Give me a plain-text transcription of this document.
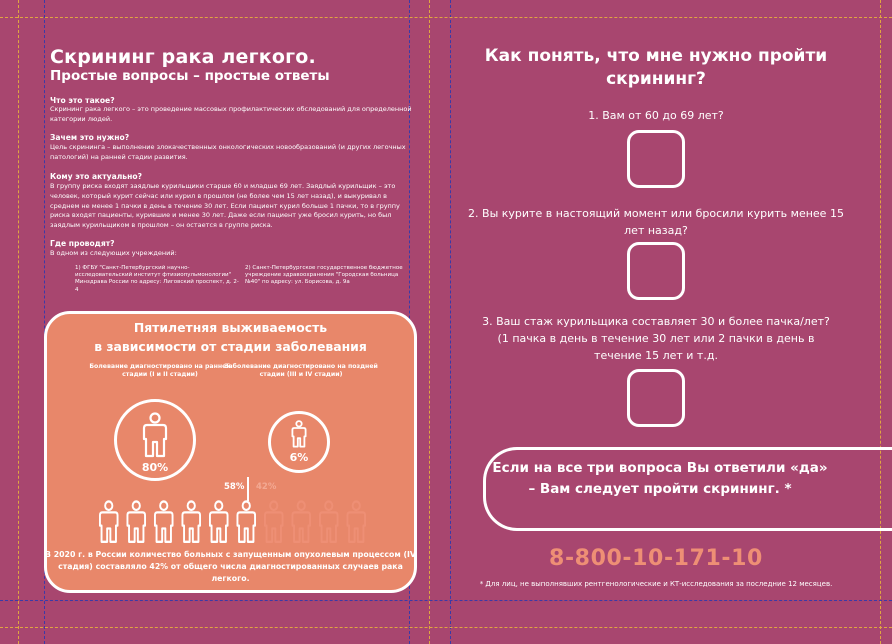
Скрининг рака легкого.
Простые вопросы – простые ответы
Что это такое?
Скрининг рака легкого – это проведение массовых профилактических обследований для определенной категории людей.
Зачем это нужно?
Цель скрининга – выполнение злокачественных онкологических новообразований (и других легочных патологий) на ранней стадии развития.
Кому это актуально?
В группу риска входят заядлые курильщики старше 60 и младше 69 лет. Заядлый курильщик – это человек, который курит сейчас или курил в прошлом (не более чем 15 лет назад), и выкуривал в среднем не менее 1 пачки в день в течение 30 лет. Если пациент курил больше 1 пачки, то в группу риска входят пациенты, курившие и менее 30 лет. Даже если пациент уже бросил курить, но был заядлым курильщиком в прошлом – он остается в группе риска.
Где проводят?
В одном из следующих учреждений:
1) ФГБУ "Санкт-Петербургский научно-исследовательский институт фтизиопульмонологии" Минздрава России по адресу: Лиговский проспект, д. 2-4
2) Санкт-Петербургское государственное бюджетное учреждение здравоохранения "Городская больница №40" по адресу: ул. Борисова, д. 9а
Пятилетняя выживаемость
в зависимости от стадии заболевания
Болевание диагностировано на ранней стадии (I и II стадии)
Заболевание диагностировано на поздней стадии (III и IV стадии)
80%
6%
58% 42%
В 2020 г. в России количество больных с запущенным опухолевым процессом (IV стадия) составляло 42% от общего числа диагностированных случаев рака легкого.
Как понять, что мне нужно пройти скрининг?
1. Вам от 60 до 69 лет?
2. Вы курите в настоящий момент или бросили курить менее 15 лет назад?
3. Ваш стаж курильщика составляет 30 и более пачка/лет? (1 пачка в день в течение 30 лет или 2 пачки в день в течение 15 лет и т.д.
Если на все три вопроса Вы ответили «да» – Вам следует пройти скрининг. *
8-800-10-171-10
* Для лиц, не выполнявших рентгенологические и КТ-исследования за последние 12 месяцев.
